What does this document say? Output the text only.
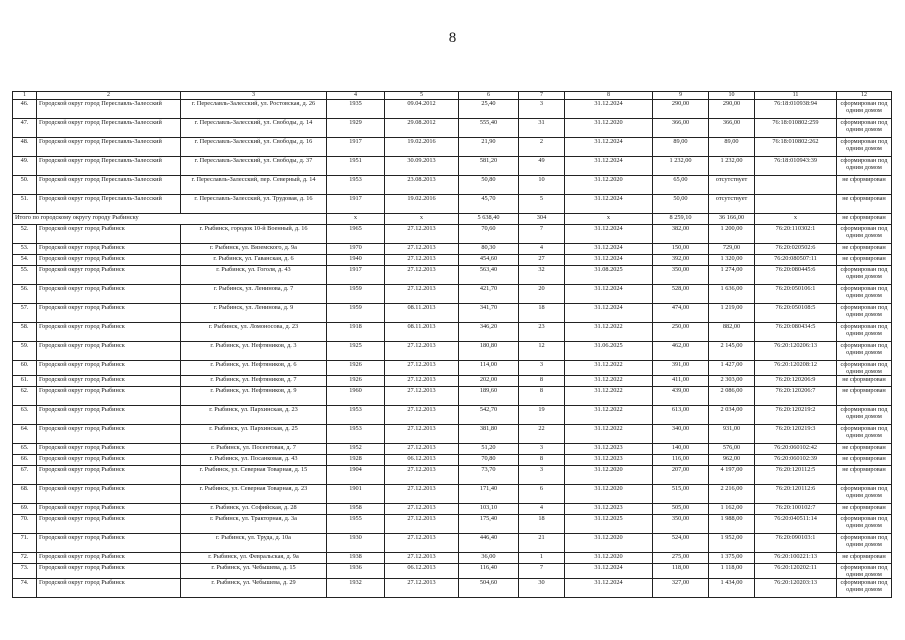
8
1	2	3	4	5	6	7	8	9	10	11	12
46.	Городской округ город Переславль-Залесский	г. Переславль-Залесский, ул. Ростовская, д. 26	1935	09.04.2012	25,40	3	31.12.2024	290,00	290,00	76:18:010938:94	сформирован под одним домом
47.	Городской округ город Переславль-Залесский	г. Переславль-Залесский, ул. Свободы, д. 14	1929	29.08.2012	555,40	31	31.12.2020	366,00	366,00	76:18:010802:259	сформирован под одним домом
48.	Городской округ город Переславль-Залесский	г. Переславль-Залесский, ул. Свободы, д. 16	1917	19.02.2016	21,90	2	31.12.2024	89,00	89,00	76:18:010802:262	сформирован под одним домом
49.	Городской округ город Переславль-Залесский	г. Переславль-Залесский, ул. Свободы, д. 37	1951	30.09.2013	581,20	49	31.12.2024	1 232,00	1 232,00	76:18:010943:39	сформирован под одним домом
50.	Городской округ город Переславль-Залесский	г. Переславль-Залесский, пер. Северный, д. 14	1953	23.08.2013	50,80	10	31.12.2020	65,00	отсутствует		не сформирован
51.	Городской округ город Переславль-Залесский	г. Переславль-Залесский, ул. Трудовая, д. 16	1917	19.02.2016	45,70	5	31.12.2024	50,00	отсутствует		не сформирован
Итого по городскому округу городу Рыбинску			х	х	5 638,40	304	х	8 259,10	36 166,00	х	не сформирован
52.	Городской округ город Рыбинск	г. Рыбинск, городок 10-й Военный, д. 16	1965	27.12.2013	70,60	7	31.12.2024	382,00	1 200,00	76:20:110302:1	сформирован под одним домом
53.	Городской округ город Рыбинск	г. Рыбинск, ул. Вяземского, д. 9а	1970	27.12.2013	80,30	4	31.12.2024	150,00	729,00	76:20:020502:6	не сформирован
54.	Городской округ город Рыбинск	г. Рыбинск, ул. Гаванская, д. 6	1940	27.12.2013	454,60	27	31.12.2024	392,00	1 320,00	76:20:080507:11	не сформирован
55.	Городской округ город Рыбинск	г. Рыбинск, ул. Гоголя, д. 43	1917	27.12.2013	563,40	32	31.08.2025	350,00	1 274,00	76:20:080445:6	сформирован под одним домом
56.	Городской округ город Рыбинск	г. Рыбинск, ул. Ленинова, д. 7	1959	27.12.2013	421,70	20	31.12.2024	528,00	1 636,00	76:20:050106:1	сформирован под одним домом
57.	Городской округ город Рыбинск	г. Рыбинск, ул. Ленинова, д. 9	1959	08.11.2013	341,70	18	31.12.2024	474,00	1 219,00	76:20:050108:5	сформирован под одним домом
58.	Городской округ город Рыбинск	г. Рыбинск, ул. Ломоносова, д. 23	1918	08.11.2013	346,20	23	31.12.2022	250,00	882,00	76:20:080434:5	сформирован под одним домом
59.	Городской округ город Рыбинск	г. Рыбинск, ул. Нефтяников, д. 3	1925	27.12.2013	180,80	12	31.06.2025	462,00	2 145,00	76:20:120206:13	сформирован под одним домом
60.	Городской округ город Рыбинск	г. Рыбинск, ул. Нефтяников, д. 6	1926	27.12.2013	114,00	3	31.12.2022	391,00	1 427,00	76:20:120208:12	сформирован под одним домом
61.	Городской округ город Рыбинск	г. Рыбинск, ул. Нефтяников, д. 7	1926	27.12.2013	202,00	8	31.12.2022	411,00	2 303,00	76:20:120206:9	не сформирован
62.	Городской округ город Рыбинск	г. Рыбинск, ул. Нефтяников, д. 9	1960	27.12.2013	189,60	8	31.12.2022	439,00	2 086,00	76:20:120206:7	не сформирован
63.	Городской округ город Рыбинск	г. Рыбинск, ул. Пархинская, д. 23	1953	27.12.2013	542,70	19	31.12.2022	613,00	2 034,00	76:20:120219:2	сформирован под одним домом
64.	Городской округ город Рыбинск	г. Рыбинск, ул. Пархинская, д. 25	1953	27.12.2013	381,80	22	31.12.2022	340,00	931,00	76:20:120219:3	сформирован под одним домом
65.	Городской округ город Рыбинск	г. Рыбинск, ул. Посентовая, д. 7	1952	27.12.2013	51,20	3	31.12.2023	140,00	576,00	76:20:060102:42	не сформирован
66.	Городской округ город Рыбинск	г. Рыбинск, ул. Посанковая, д. 43	1928	06.12.2013	70,80	8	31.12.2023	116,00	962,00	76:20:060102:39	не сформирован
67.	Городской округ город Рыбинск	г. Рыбинск, ул. Северная Товарная, д. 15	1904	27.12.2013	73,70	3	31.12.2020	207,00	4 197,00	76:20:120112:5	не сформирован
68.	Городской округ город Рыбинск	г. Рыбинск, ул. Северная Товарная, д. 23	1901	27.12.2013	171,40	6	31.12.2020	515,00	2 216,00	76:20:120112:6	сформирован под одним домом
69.	Городской округ город Рыбинск	г. Рыбинск, ул. Софийская, д. 28	1958	27.12.2013	103,10	4	31.12.2023	505,00	1 162,00	76:20:100102:7	не сформирован
70.	Городской округ город Рыбинск	г. Рыбинск, ул. Тракторная, д. 3а	1955	27.12.2013	175,40	18	31.12.2025	350,00	1 988,00	76:20:040511:14	сформирован под одним домом
71.	Городской округ город Рыбинск	г. Рыбинск, ул. Труда, д. 10а	1930	27.12.2013	446,40	21	31.12.2020	524,00	1 952,00	76:20:090103:1	сформирован под одним домом
72.	Городской округ город Рыбинск	г. Рыбинск, ул. Февральская, д. 9а	1938	27.12.2013	36,00	1	31.12.2020	275,00	1 375,00	76:20:100221:13	не сформирован
73.	Городской округ город Рыбинск	г. Рыбинск, ул. Чебышева, д. 15	1936	06.12.2013	116,40	7	31.12.2024	118,00	1 118,00	76:20:120202:11	сформирован под одним домом
74.	Городской округ город Рыбинск	г. Рыбинск, ул. Чебышева, д. 29	1932	27.12.2013	504,60	30	31.12.2024	327,00	1 434,00	76:20:120203:13	сформирован под одним домом
